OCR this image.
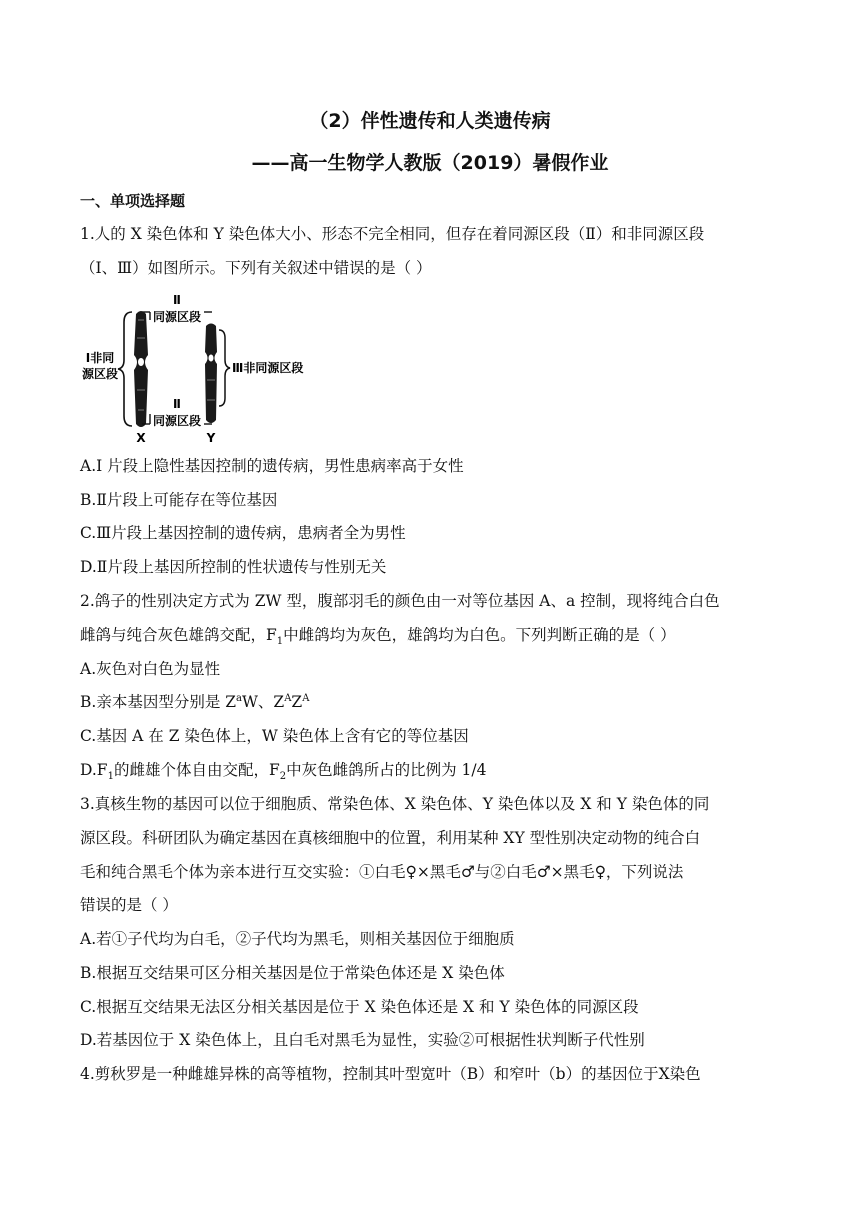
（2）伴性遗传和人类遗传病
——高一生物学人教版（2019）暑假作业
一、单项选择题
1.人的 X 染色体和 Y 染色体大小、形态不完全相同，但存在着同源区段（Ⅱ）和非同源区段
（Ⅰ、Ⅲ）如图所示。下列有关叙述中错误的是（ ）
Ⅱ
同源区段
Ⅰ非同
源区段	Ⅲ非同源区段
Ⅱ
同源区段
X	Y
A.I 片段上隐性基因控制的遗传病，男性患病率高于女性
B.Ⅱ片段上可能存在等位基因
C.Ⅲ片段上基因控制的遗传病，患病者全为男性
D.Ⅱ片段上基因所控制的性状遗传与性别无关
2.鸽子的性别决定方式为 ZW 型，腹部羽毛的颜色由一对等位基因 A、a 控制，现将纯合白色
雌鸽与纯合灰色雄鸽交配，$F_1$中雌鸽均为灰色，雄鸽均为白色。下列判断正确的是（ ）
A.灰色对白色为显性
B.亲本基因型分别是 $Z^aW$、$Z^AZ^A$
C.基因 A 在 Z 染色体上，W 染色体上含有它的等位基因
$D.F_1$的雌雄个体自由交配，$F_2$中灰色雌鸽所占的比例为 1/4
3.真核生物的基因可以位于细胞质、常染色体、X 染色体、Y 染色体以及 X 和 Y 染色体的同
源区段。科研团队为确定基因在真核细胞中的位置，利用某种 XY 型性别决定动物的纯合白
毛和纯合黑毛个体为亲本进行互交实验：①白毛♀×黑毛♂与②白毛♂×黑毛♀，下列说法
错误的是（ ）
A.若①子代均为白毛，②子代均为黑毛，则相关基因位于细胞质
B.根据互交结果可区分相关基因是位于常染色体还是 X 染色体
C.根据互交结果无法区分相关基因是位于 X 染色体还是 X 和 Y 染色体的同源区段
D.若基因位于 X 染色体上，且白毛对黑毛为显性，实验②可根据性状判断子代性别
4.剪秋罗是一种雌雄异株的高等植物，控制其叶型宽叶（B）和窄叶（b）的基因位于X染色
